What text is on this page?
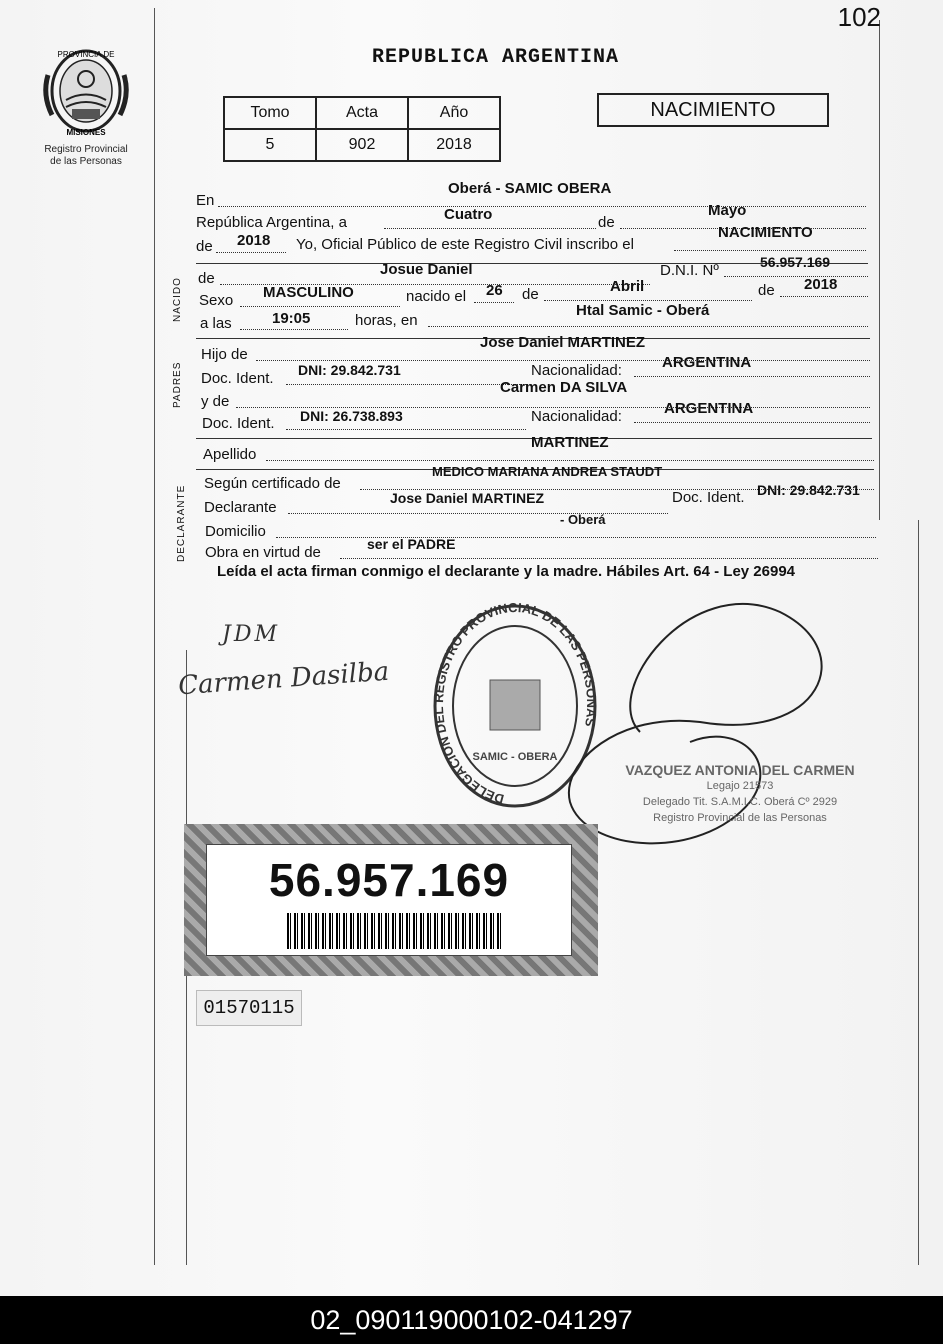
102
PROVINCIA DE
MISIONES
Registro Provincial
de las Personas
REPUBLICA ARGENTINA
Tomo	Acta	Año
5	902	2018
NACIMIENTO
En
Oberá - SAMIC OBERA
República Argentina, a	Cuatro	de
Mayo
de 2018 Yo, Oficial Público de este Registro Civil inscribo el
NACIMIENTO
NACIDO de
Josue Daniel	D.N.I. Nº	56.957.169
Sexo MASCULINO	nacido el 26 de	Abril	de 2018
a las	19:05	horas, en
Htal Samic - Oberá
PADRES
Hijo de
Jose Daniel MARTINEZ
Doc. Ident. DNI: 29.842.731	Nacionalidad:	ARGENTINA
y de
Carmen DA SILVA
Doc. Ident. DNI: 26.738.893	Nacionalidad:	ARGENTINA
Apellido
MARTINEZ
DECLARANTE
Según certificado de
MEDICO MARIANA ANDREA STAUDT
Declarante
Jose Daniel MARTINEZ	Doc. Ident. DNI: 29.842.731
Domicilio
- Oberá
Obra en virtud de	ser el PADRE
Leída el acta firman conmigo el declarante y la madre. Hábiles Art. 64 - Ley 26994
JDM
Carmen Dasilba
DELEGACION DEL REGISTRO PROVINCIAL DE LAS PERSONAS
SAMIC - OBERA
VAZQUEZ ANTONIA DEL CARMEN
Legajo 21573
Delegado Tit. S.A.M.I.C. Oberá Cº 2929
Registro Provincial de las Personas
56.957.169
01570115
02_090119000102-041297
